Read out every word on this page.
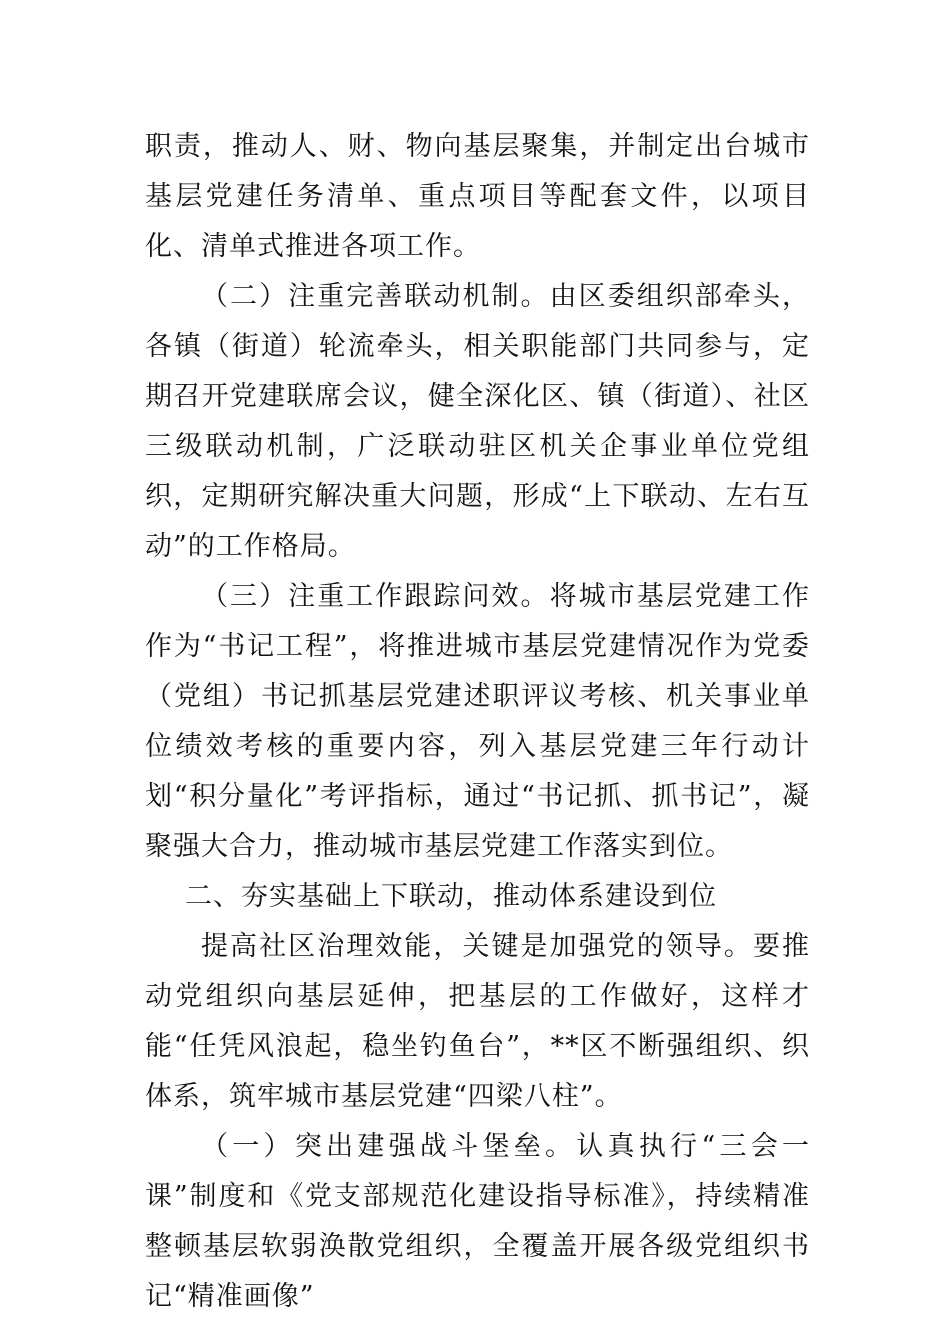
职责，推动人、财、物向基层聚集，并制定出台城市基层党建任务清单、重点项目等配套文件，以项目化、清单式推进各项工作。

（二）注重完善联动机制。由区委组织部牵头，各镇（街道）轮流牵头，相关职能部门共同参与，定期召开党建联席会议，健全深化区、镇（街道）、社区三级联动机制，广泛联动驻区机关企事业单位党组织，定期研究解决重大问题，形成“上下联动、左右互动”的工作格局。

（三）注重工作跟踪问效。将城市基层党建工作作为“书记工程”，将推进城市基层党建情况作为党委（党组）书记抓基层党建述职评议考核、机关事业单位绩效考核的重要内容，列入基层党建三年行动计划“积分量化”考评指标，通过“书记抓、抓书记”，凝聚强大合力，推动城市基层党建工作落实到位。

二、夯实基础上下联动，推动体系建设到位

提高社区治理效能，关键是加强党的领导。要推动党组织向基层延伸，把基层的工作做好，这样才能“任凭风浪起，稳坐钓鱼台”，**区不断强组织、织体系，筑牢城市基层党建“四梁八柱”。

（一）突出建强战斗堡垒。认真执行“三会一课”制度和《党支部规范化建设指导标准》，持续精准整顿基层软弱涣散党组织，全覆盖开展各级党组织书记“精准画像”
